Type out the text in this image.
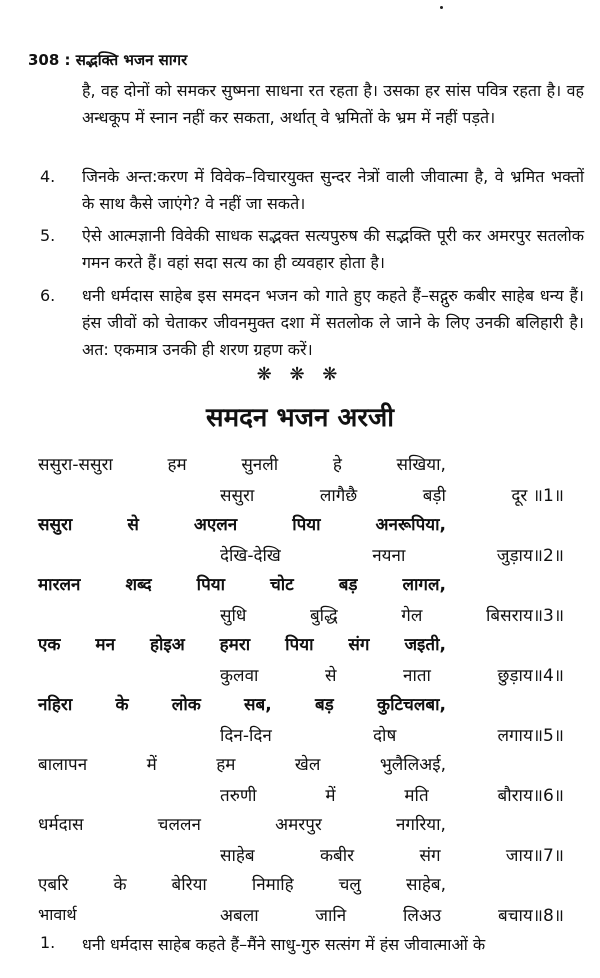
308 : सद्भक्ति भजन सागर
है, वह दोनों को समकर सुष्मना साधना रत रहता है। उसका हर सांस पवित्र रहता है। वह अन्धकूप में स्नान नहीं कर सकता, अर्थात् वे भ्रमितों के भ्रम में नहीं पड़ते।
4. जिनके अन्त:करण में विवेक–विचारयुक्त सुन्दर नेत्रों वाली जीवात्मा है, वे भ्रमित भक्तों के साथ कैसे जाएंगे? वे नहीं जा सकते।
5. ऐसे आत्मज्ञानी विवेकी साधक सद्भक्त सत्यपुरुष की सद्भक्ति पूरी कर अमरपुर सतलोक गमन करते हैं। वहां सदा सत्य का ही व्यवहार होता है।
6. धनी धर्मदास साहेब इस समदन भजन को गाते हुए कहते हैं–सद्गुरु कबीर साहेब धन्य हैं। हंस जीवों को चेताकर जीवनमुक्त दशा में सतलोक ले जाने के लिए उनकी बलिहारी है। अत: एकमात्र उनकी ही शरण ग्रहण करें।
❋ ❋ ❋
समदन भजन अरजी
ससुरा-ससुरा	हम	सुनली	हे	सखिया,
ससुरा	लागैछै	बड़ी	दूर ॥1॥
ससुरा	से	अएलन	पिया	अनरूपिया,
देखि-देखि	नयना	जुड़ाय॥2॥
मारलन	शब्द	पिया	चोट	बड़	लागल,
सुधि	बुद्धि	गेल	बिसराय॥3॥
एक मन होइअ हमरा पिया संग जइती,
कुलवा	से	नाता	छुड़ाय॥4॥
नहिरा	के	लोक	सब,	बड़	कुटिचलबा,
दिन-दिन	दोष	लगाय॥5॥
बालापन	में	हम	खेल	भुलैलिअई,
तरुणी	में	मति	बौराय॥6॥
धर्मदास	चललन	अमरपुर	नगरिया,
साहेब	कबीर	संग	जाय॥7॥
एबरि	के	बेरिया	निमाहि	चलु	साहेब,
अबला	जानि	लिअउ	बचाय॥8॥
भावार्थ
1. धनी धर्मदास साहेब कहते हैं–मैंने साधु-गुरु सत्संग में हंस जीवात्माओं के
